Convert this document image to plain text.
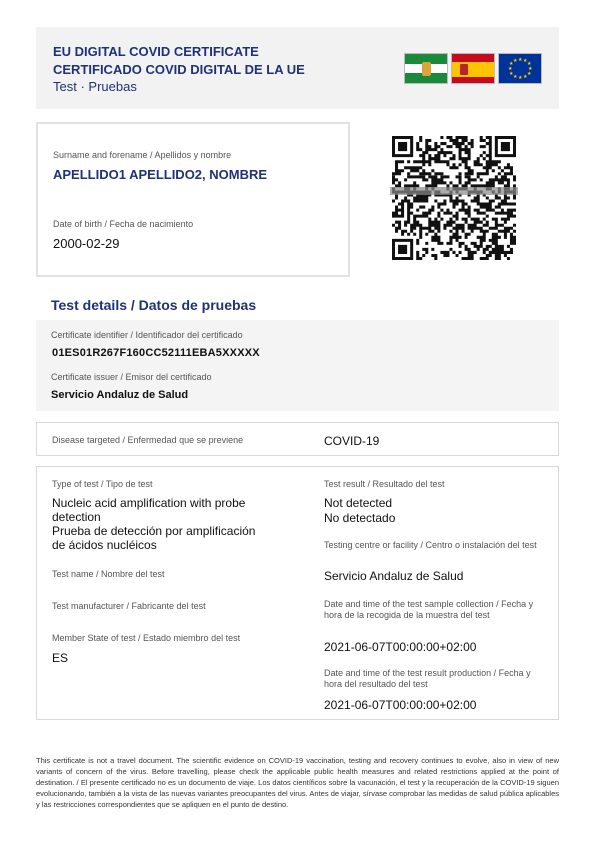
EU DIGITAL COVID CERTIFICATE
CERTIFICADO COVID DIGITAL DE LA UE
Test · Pruebas
★ ★ ★
★
★
★
★
★
★
★
★ ★
Surname and forename / Apellidos y nombre
APELLIDO1 APELLIDO2, NOMBRE
Date of birth / Fecha de nacimiento
2000-02-29
Test details / Datos de pruebas
Certificate identifier / Identificador del certificado
01ES01R267F160CC52111EBA5XXXXX
Certificate issuer / Emisor del certificado
Servicio Andaluz de Salud
Disease targeted / Enfermedad que se previene	COVID-19
Type of test / Tipo de test
Nucleic acid amplification with probe detection
Prueba de detección por amplificación de ácidos nucléicos
Test name / Nombre del test
Test manufacturer / Fabricante del test
Member State of test / Estado miembro del test
ES
Test result / Resultado del test
Not detected
No detectado
Testing centre or facility / Centro o instalación del test
Servicio Andaluz de Salud
Date and time of the test sample collection / Fecha y hora de la recogida de la muestra del test
2021-06-07T00:00:00+02:00
Date and time of the test result production / Fecha y hora del resultado del test
2021-06-07T00:00:00+02:00
This certificate is not a travel document. The scientific evidence on COVID-19 vaccination, testing and recovery continues to evolve, also in view of new variants of concern of the virus. Before travelling, please check the applicable public health measures and related restrictions applied at the point of destination. / El presente certificado no es un documento de viaje. Los datos científicos sobre la vacunación, el test y la recuperación de la COVID-19 siguen evolucionando, también a la vista de las nuevas variantes preocupantes del virus. Antes de viajar, sírvase comprobar las medidas de salud pública aplicables y las restricciones correspondientes que se apliquen en el punto de destino.
